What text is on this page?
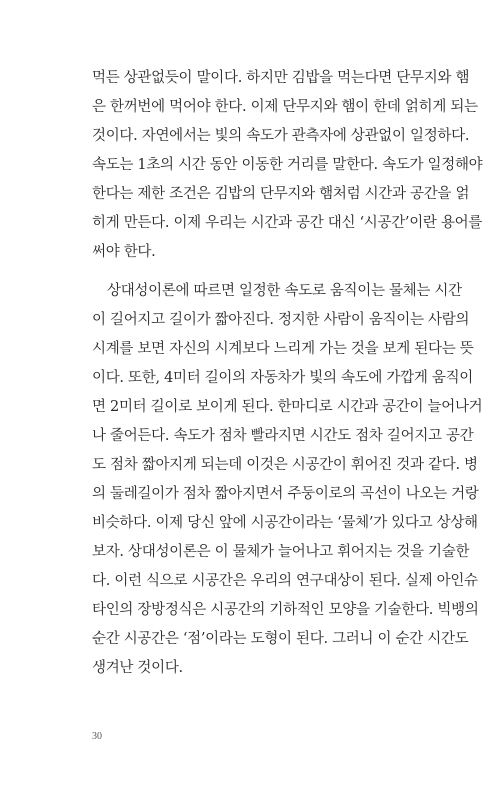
먹든 상관없듯이 말이다. 하지만 김밥을 먹는다면 단무지와 햄
은 한꺼번에 먹어야 한다. 이제 단무지와 햄이 한데 얽히게 되는
것이다. 자연에서는 빛의 속도가 관측자에 상관없이 일정하다.
속도는 1초의 시간 동안 이동한 거리를 말한다. 속도가 일정해야
한다는 제한 조건은 김밥의 단무지와 햄처럼 시간과 공간을 얽
히게 만든다. 이제 우리는 시간과 공간 대신 ‘시공간’이란 용어를
써야 한다.
상대성이론에 따르면 일정한 속도로 움직이는 물체는 시간
이 길어지고 길이가 짧아진다. 정지한 사람이 움직이는 사람의
시계를 보면 자신의 시계보다 느리게 가는 것을 보게 된다는 뜻
이다. 또한, 4미터 길이의 자동차가 빛의 속도에 가깝게 움직이
면 2미터 길이로 보이게 된다. 한마디로 시간과 공간이 늘어나거
나 줄어든다. 속도가 점차 빨라지면 시간도 점차 길어지고 공간
도 점차 짧아지게 되는데 이것은 시공간이 휘어진 것과 같다. 병
의 둘레길이가 점차 짧아지면서 주둥이로의 곡선이 나오는 거랑
비슷하다. 이제 당신 앞에 시공간이라는 ‘물체’가 있다고 상상해
보자. 상대성이론은 이 물체가 늘어나고 휘어지는 것을 기술한
다. 이런 식으로 시공간은 우리의 연구대상이 된다. 실제 아인슈
타인의 장방정식은 시공간의 기하적인 모양을 기술한다. 빅뱅의
순간 시공간은 ‘점’이라는 도형이 된다. 그러니 이 순간 시간도
생겨난 것이다.
30
